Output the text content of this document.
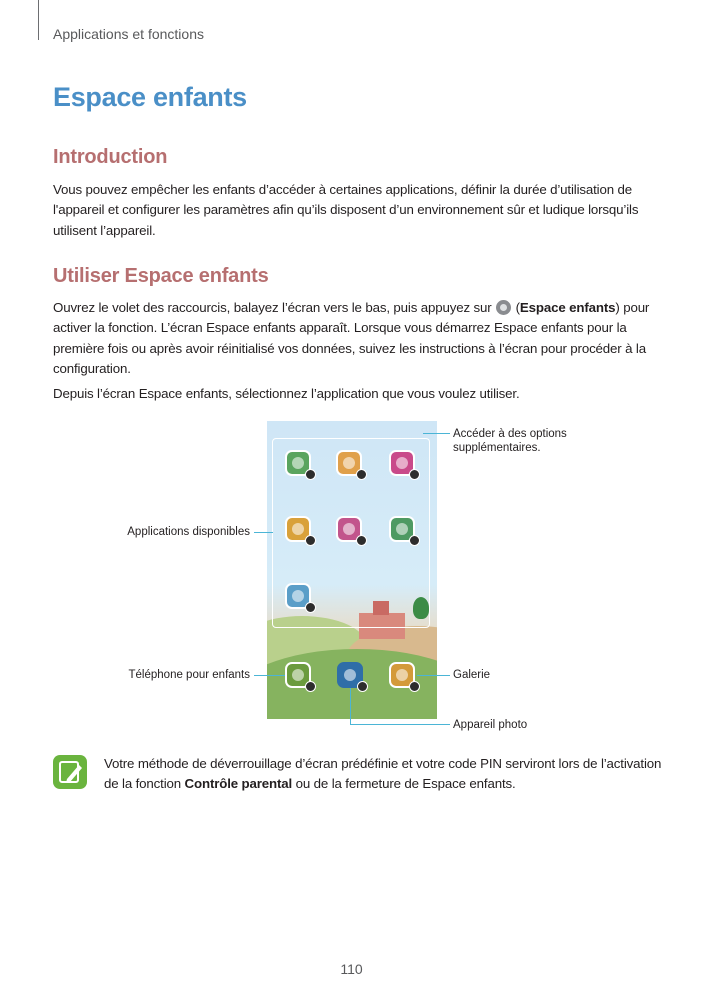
Applications et fonctions
Espace enfants
Introduction

Vous pouvez empêcher les enfants d’accéder à certaines applications, définir la durée d’utilisation de l'appareil et configurer les paramètres afin qu’ils disposent d’un environnement sûr et ludique lorsqu’ils utilisent l’appareil.

Utiliser Espace enfants

Ouvrez le volet des raccourcis, balayez l’écran vers le bas, puis appuyez sur  (Espace enfants) pour activer la fonction. L’écran Espace enfants apparaît. Lorsque vous démarrez Espace enfants pour la première fois ou après avoir réinitialisé vos données, suivez les instructions à l’écran pour procéder à la configuration.

Depuis l’écran Espace enfants, sélectionnez l’application que vous voulez utiliser.

Accéder à des options supplémentaires.
Applications disponibles
Téléphone pour enfants	Galerie
Appareil photo

Votre méthode de déverrouillage d’écran prédéfinie et votre code PIN serviront lors de l’activation de la fonction Contrôle parental ou de la fermeture de Espace enfants.

110
